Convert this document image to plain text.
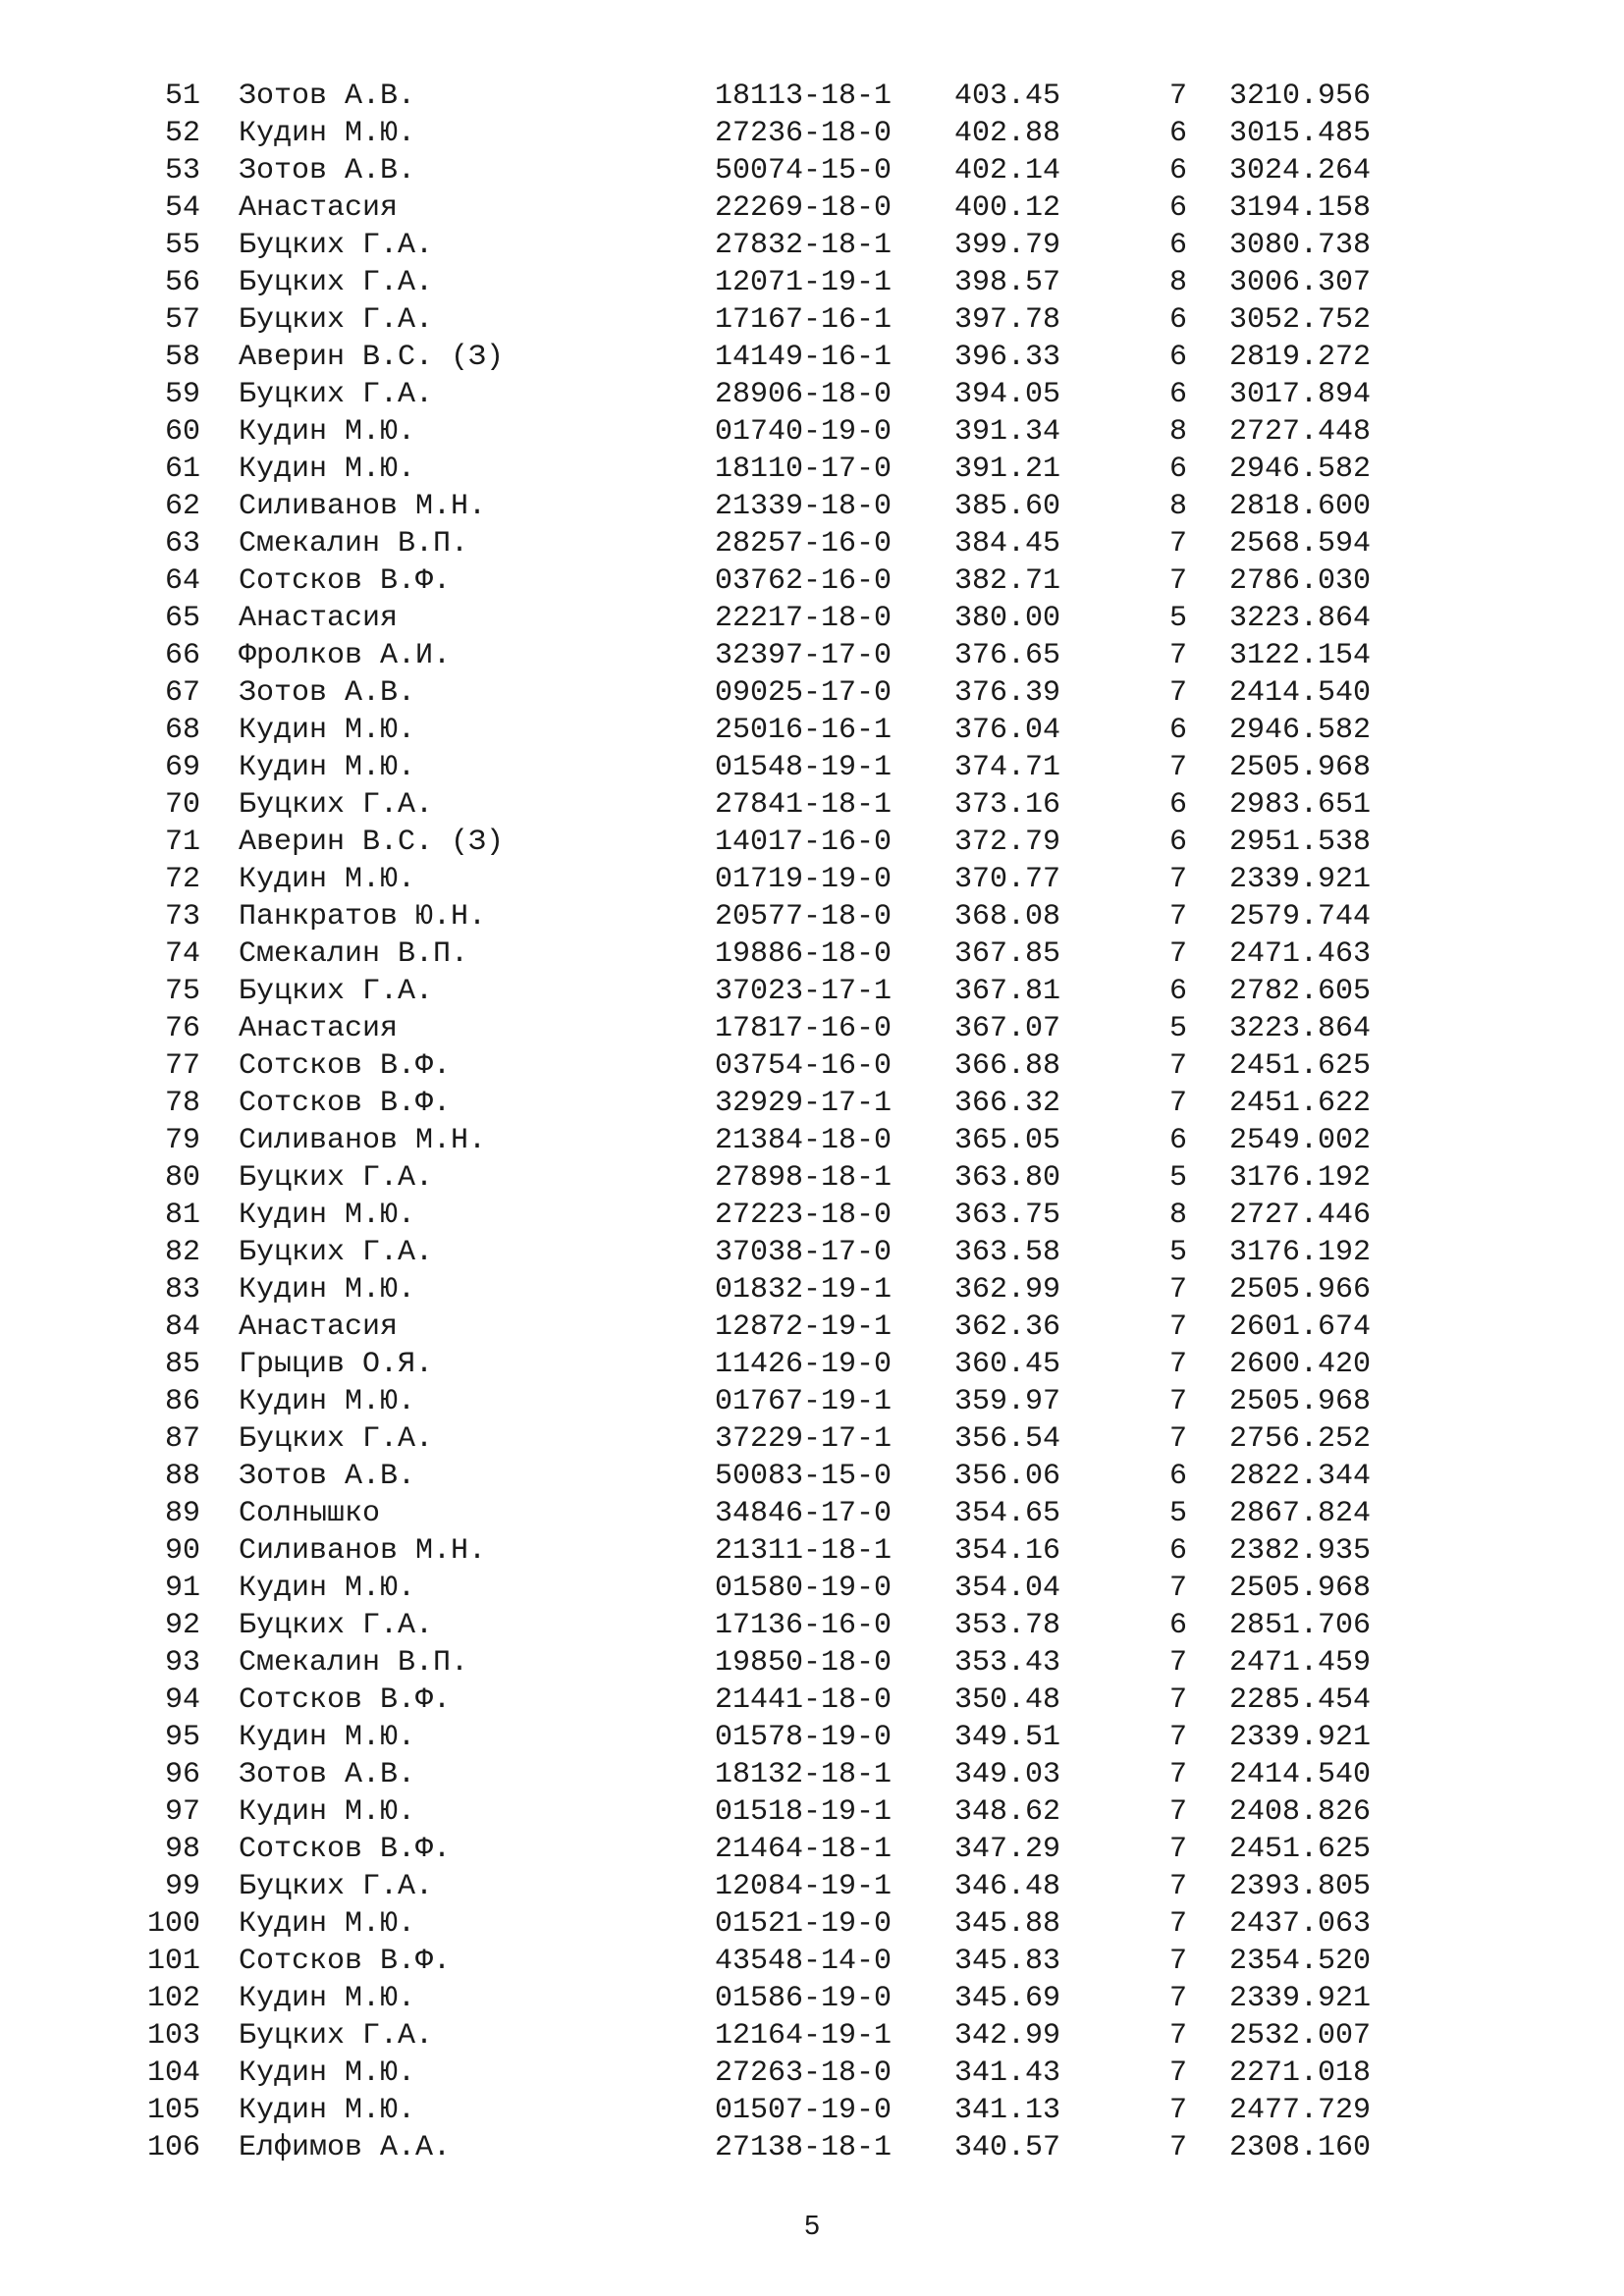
51 Зотов А.В.	18113-18-1 403.45	7 3210.956
52 Кудин М.Ю.	27236-18-0 402.88	6 3015.485
53 Зотов А.В.	50074-15-0 402.14	6 3024.264
54 Анастасия	22269-18-0 400.12	6 3194.158
55 Буцких Г.А.	27832-18-1 399.79	6 3080.738
56 Буцких Г.А.	12071-19-1 398.57	8 3006.307
57 Буцких Г.А.	17167-16-1 397.78	6 3052.752
58 Аверин В.С. (З)	14149-16-1 396.33	6 2819.272
59 Буцких Г.А.	28906-18-0 394.05	6 3017.894
60 Кудин М.Ю.	01740-19-0 391.34	8 2727.448
61 Кудин М.Ю.	18110-17-0 391.21	6 2946.582
62 Силиванов М.Н.	21339-18-0 385.60	8 2818.600
63 Смекалин В.П.	28257-16-0 384.45	7 2568.594
64 Сотсков В.Ф.	03762-16-0 382.71	7 2786.030
65 Анастасия	22217-18-0 380.00	5 3223.864
66 Фролков А.И.	32397-17-0 376.65	7 3122.154
67 Зотов А.В.	09025-17-0 376.39	7 2414.540
68 Кудин М.Ю.	25016-16-1 376.04	6 2946.582
69 Кудин М.Ю.	01548-19-1 374.71	7 2505.968
70 Буцких Г.А.	27841-18-1 373.16	6 2983.651
71 Аверин В.С. (З)	14017-16-0 372.79	6 2951.538
72 Кудин М.Ю.	01719-19-0 370.77	7 2339.921
73 Панкратов Ю.Н.	20577-18-0 368.08	7 2579.744
74 Смекалин В.П.	19886-18-0 367.85	7 2471.463
75 Буцких Г.А.	37023-17-1 367.81	6 2782.605
76 Анастасия	17817-16-0 367.07	5 3223.864
77 Сотсков В.Ф.	03754-16-0 366.88	7 2451.625
78 Сотсков В.Ф.	32929-17-1 366.32	7 2451.622
79 Силиванов М.Н.	21384-18-0 365.05	6 2549.002
80 Буцких Г.А.	27898-18-1 363.80	5 3176.192
81 Кудин М.Ю.	27223-18-0 363.75	8 2727.446
82 Буцких Г.А.	37038-17-0 363.58	5 3176.192
83 Кудин М.Ю.	01832-19-1 362.99	7 2505.966
84 Анастасия	12872-19-1 362.36	7 2601.674
85 Грыцив О.Я.	11426-19-0 360.45	7 2600.420
86 Кудин М.Ю.	01767-19-1 359.97	7 2505.968
87 Буцких Г.А.	37229-17-1 356.54	7 2756.252
88 Зотов А.В.	50083-15-0 356.06	6 2822.344
89 Солнышко	34846-17-0 354.65	5 2867.824
90 Силиванов М.Н.	21311-18-1 354.16	6 2382.935
91 Кудин М.Ю.	01580-19-0 354.04	7 2505.968
92 Буцких Г.А.	17136-16-0 353.78	6 2851.706
93 Смекалин В.П.	19850-18-0 353.43	7 2471.459
94 Сотсков В.Ф.	21441-18-0 350.48	7 2285.454
95 Кудин М.Ю.	01578-19-0 349.51	7 2339.921
96 Зотов А.В.	18132-18-1 349.03	7 2414.540
97 Кудин М.Ю.	01518-19-1 348.62	7 2408.826
98 Сотсков В.Ф.	21464-18-1 347.29	7 2451.625
99 Буцких Г.А.	12084-19-1 346.48	7 2393.805
100 Кудин М.Ю.	01521-19-0 345.88	7 2437.063
101 Сотсков В.Ф.	43548-14-0 345.83	7 2354.520
102 Кудин М.Ю.	01586-19-0 345.69	7 2339.921
103 Буцких Г.А.	12164-19-1 342.99	7 2532.007
104 Кудин М.Ю.	27263-18-0 341.43	7 2271.018
105 Кудин М.Ю.	01507-19-0 341.13	7 2477.729
106 Елфимов А.А.	27138-18-1 340.57	7 2308.160
5
